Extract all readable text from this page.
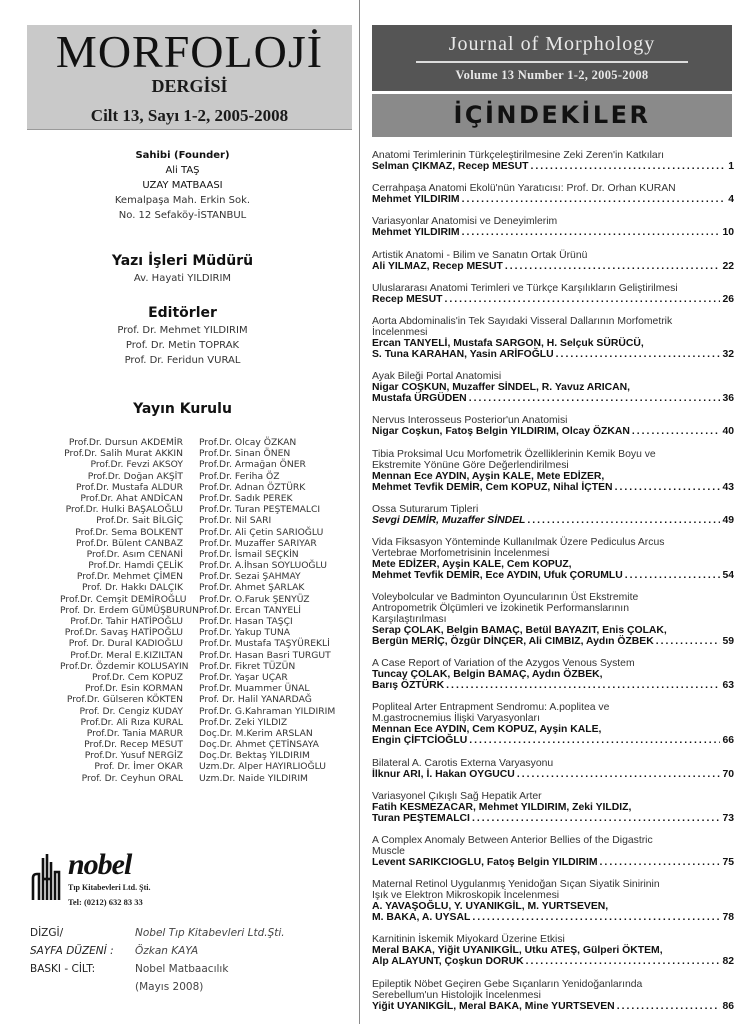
MORFOLOJİ
DERGİSİ
Cilt 13, Sayı 1-2, 2005-2008
Sahibi (Founder)
Ali TAŞ
UZAY MATBAASI
Kemalpaşa Mah. Erkin Sok.
No. 12 Sefaköy-İSTANBUL
Yazı İşleri Müdürü
Av. Hayati YILDIRIM
Editörler
Prof. Dr. Mehmet YILDIRIM
Prof. Dr. Metin TOPRAK
Prof. Dr. Feridun VURAL
Yayın Kurulu
Prof.Dr. Dursun AKDEMİR
Prof.Dr. Salih Murat AKKIN
Prof.Dr. Fevzi AKSOY
Prof.Dr. Doğan AKŞİT
Prof.Dr. Mustafa ALDUR
Prof.Dr. Ahat ANDİCAN
Prof.Dr. Hulki BAŞALOĞLU
Prof.Dr. Sait BİLGİÇ
Prof.Dr. Sema BOLKENT
Prof.Dr. Bülent CANBAZ
Prof.Dr. Asım CENANİ
Prof.Dr. Hamdi ÇELİK
Prof.Dr. Mehmet ÇİMEN
Prof. Dr. Hakkı DALÇIK
Prof.Dr. Cemşit DEMİROĞLU
Prof. Dr. Erdem GÜMÜŞBURUN
Prof.Dr. Tahir HATİPOĞLU
Prof.Dr. Savaş HATİPOĞLU
Prof. Dr. Dural KADIOĞLU
Prof.Dr. Meral E.KIZILTAN
Prof.Dr. Özdemir KOLUSAYIN
Prof.Dr. Cem KOPUZ
Prof.Dr. Esin KORMAN
Prof.Dr. Gülseren KÖKTEN
Prof. Dr. Cengiz KUDAY
Prof.Dr. Ali Rıza KURAL
Prof.Dr. Tania MARUR
Prof.Dr. Recep MESUT
Prof.Dr. Yusuf NERGİZ
Prof. Dr. İmer OKAR
Prof. Dr. Ceyhun ORAL
Prof.Dr. Olcay ÖZKAN
Prof.Dr. Sinan ÖNEN
Prof.Dr. Armağan ÖNER
Prof.Dr. Feriha ÖZ
Prof.Dr. Adnan ÖZTÜRK
Prof.Dr. Sadık PEREK
Prof.Dr. Turan PEŞTEMALCI
Prof.Dr. Nil SARI
Prof.Dr. Ali Çetin SARIOĞLU
Prof.Dr. Muzaffer SARIYAR
Prof.Dr. İsmail SEÇKİN
Prof.Dr. A.İhsan SOYLUOĞLU
Prof.Dr. Sezai ŞAHMAY
Prof.Dr. Ahmet ŞARLAK
Prof.Dr. O.Faruk ŞENYÜZ
Prof.Dr. Ercan TANYELİ
Prof.Dr. Hasan TAŞÇI
Prof.Dr. Yakup TUNA
Prof.Dr. Mustafa TAŞYÜREKLİ
Prof.Dr. Hasan Basri TURGUT
Prof.Dr. Fikret TÜZÜN
Prof.Dr. Yaşar UÇAR
Prof.Dr. Muammer ÜNAL
Prof. Dr. Halil YANARDAĞ
Prof.Dr. G.Kahraman YILDIRIM
Prof.Dr. Zeki YILDIZ
Doç.Dr. M.Kerim ARSLAN
Doç.Dr. Ahmet ÇETİNSAYA
Doç.Dr. Bektaş YILDIRIM
Uzm.Dr. Alper HAYIRLIOĞLU
Uzm.Dr. Naide YILDIRIM
nobel
Tıp Kitabevleri Ltd. Şti.
Tel: (0212) 632 83 33
DİZGİ/	Nobel Tıp Kitabevleri Ltd.Şti.
SAYFA DÜZENİ : Özkan KAYA
BASKI - CİLT:	Nobel Matbaacılık
(Mayıs 2008)
Journal of Morphology
Volume 13 Number 1-2, 2005-2008
İÇİNDEKİLER
Anatomi Terimlerinin Türkçeleştirilmesine Zeki Zeren'in Katkıları
Selman ÇIKMAZ, Recep MESUT .....	1
Cerrahpaşa Anatomi Ekolü'nün Yaratıcısı: Prof. Dr. Orhan KURAN
Mehmet YILDIRIM .....	4
Variasyonlar Anatomisi ve Deneyimlerim
Mehmet YILDIRIM .....	10
Artistik Anatomi - Bilim ve Sanatın Ortak Ürünü
Ali YILMAZ, Recep MESUT .....	22
Uluslararası Anatomi Terimleri ve Türkçe Karşılıkların Geliştirilmesi
Recep MESUT .....	26
Aorta Abdominalis'in Tek Sayıdaki Visseral Dallarının Morfometrik
İncelenmesi
Ercan TANYELİ, Mustafa SARGON, H. Selçuk SÜRÜCÜ,
S. Tuna KARAHAN, Yasin ARİFOĞLU .....	32
Ayak Bileği Portal Anatomisi
Nigar COŞKUN, Muzaffer SİNDEL, R. Yavuz ARICAN,
Mustafa ÜRGÜDEN .....	36
Nervus Interosseus Posterior'un Anatomisi
Nigar Coşkun, Fatoş Belgin YILDIRIM, Olcay ÖZKAN .....	40
Tibia Proksimal Ucu Morfometrik Özelliklerinin Kemik Boyu ve
Ekstremite Yönüne Göre Değerlendirilmesi
Mennan Ece AYDIN, Ayşin KALE, Mete EDİZER,
Mehmet Tevfik DEMİR, Cem KOPUZ, Nihal İÇTEN .....	43
Ossa Suturarum Tipleri
Sevgi DEMİR, Muzaffer SİNDEL .....	49
Vida Fiksasyon Yönteminde Kullanılmak Üzere Pediculus Arcus
Vertebrae Morfometrisinin İncelenmesi
Mete EDİZER, Ayşin KALE, Cem KOPUZ,
Mehmet Tevfik DEMİR, Ece AYDIN, Ufuk ÇORUMLU .....	54
Voleybolcular ve Badminton Oyuncularının Üst Ekstremite
Antropometrik Ölçümleri ve İzokinetik Performanslarının
Karşılaştırılması
Serap ÇOLAK, Belgin BAMAÇ, Betül BAYAZIT, Enis ÇOLAK,
Bergün MERİÇ, Özgür DİNÇER, Ali CIMBIZ, Aydın ÖZBEK .....	59
A Case Report of Variation of the Azygos Venous System
Tuncay ÇOLAK, Belgin BAMAÇ, Aydın ÖZBEK,
Barış ÖZTÜRK .....	63
Popliteal Arter Entrapment Sendromu: A.poplitea ve
M.gastrocnemius İlişki Varyasyonları
Mennan Ece AYDIN, Cem KOPUZ, Ayşin KALE,
Engin ÇİFTCİOĞLU .....	66
Bilateral A. Carotis Externa Varyasyonu
İlknur ARI, İ. Hakan OYGUCU .....	70
Variasyonel Çıkışlı Sağ Hepatik Arter
Fatih KESMEZACAR, Mehmet YILDIRIM, Zeki YILDIZ,
Turan PEŞTEMALCI .....	73
A Complex Anomaly Between Anterior Bellies of the Digastric
Muscle
Levent SARIKCIOGLU, Fatoş Belgin YILDIRIM .....	75
Maternal Retinol Uygulanmış Yenidoğan Sıçan Siyatik Sinirinin
Işık ve Elektron Mikroskopik İncelenmesi
A. YAVAŞOĞLU, Y. UYANIKGİL, M. YURTSEVEN,
M. BAKA, A. UYSAL .....	78
Karnitinin İskemik Miyokard Üzerine Etkisi
Meral BAKA, Yiğit UYANIKGİL, Utku ATEŞ, Gülperi ÖKTEM,
Alp ALAYUNT, Çoşkun DORUK .....	82
Epileptik Nöbet Geçiren Gebe Sıçanların Yenidoğanlarında
Serebellum'un Histolojik İncelenmesi
Yiğit UYANIKGİL, Meral BAKA, Mine YURTSEVEN .....	86
